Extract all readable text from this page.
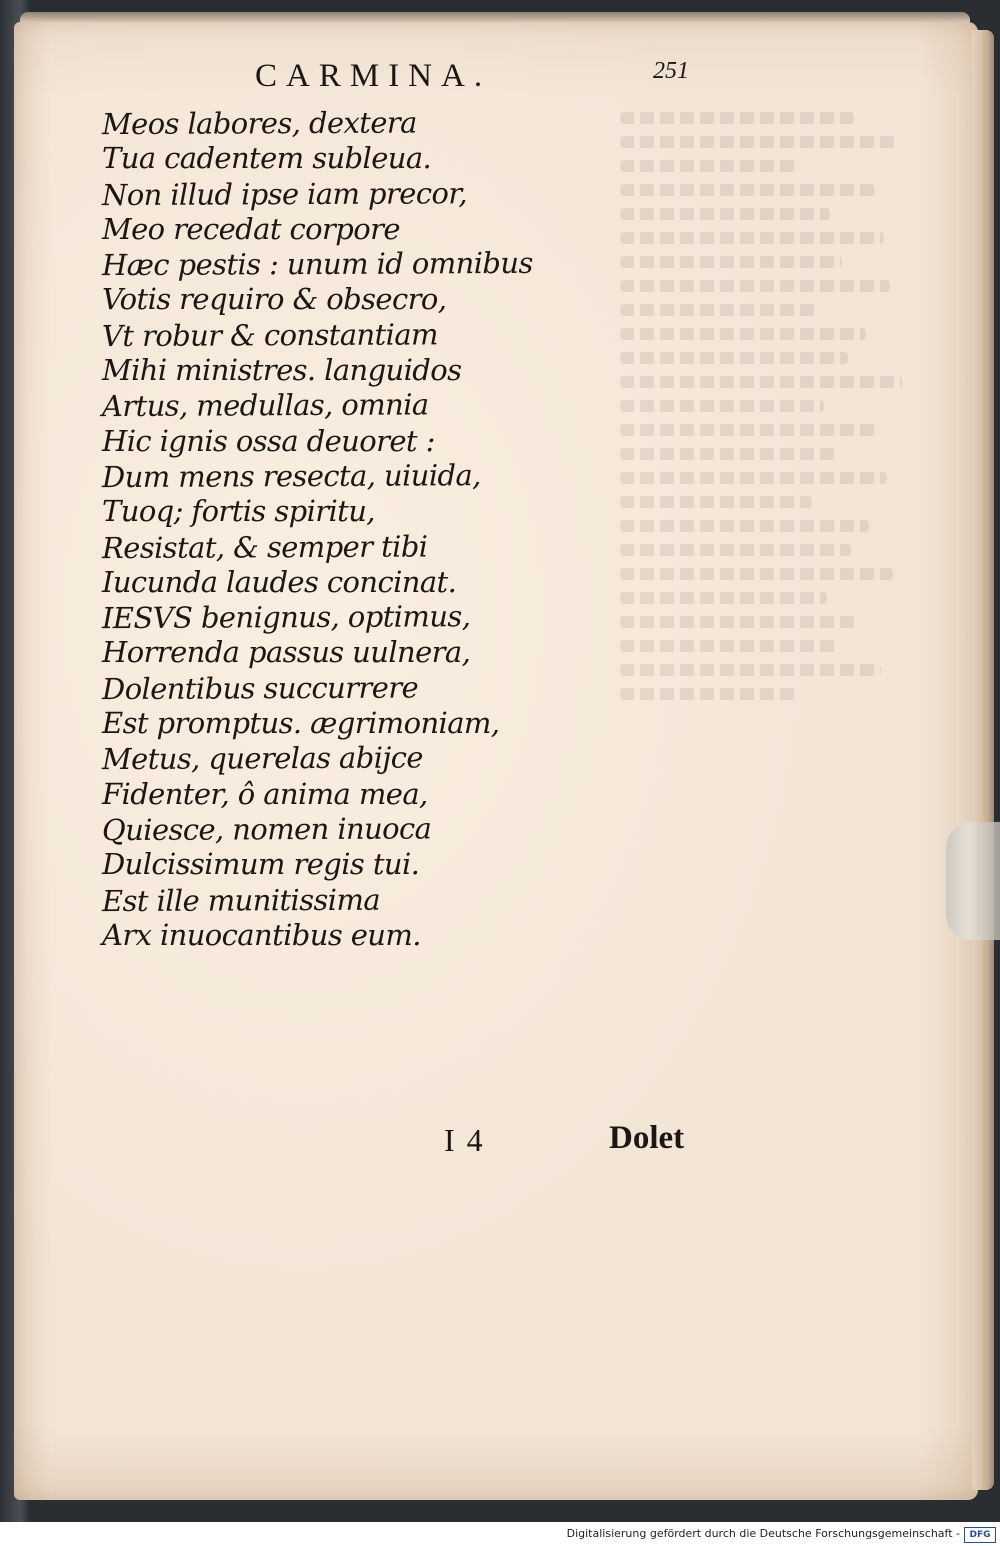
CARMINA.	251
Meos labores, dextera
Tua cadentem subleua.
Non illud ipse iam precor,
Meo recedat corpore
Hæc pestis : unum id omnibus
Votis requiro & obsecro,
Vt robur & constantiam
Mihi ministres. languidos
Artus, medullas, omnia
Hic ignis ossa deuoret :
Dum mens resecta, uiuida,
Tuoq; fortis spiritu,
Resistat, & semper tibi
Iucunda laudes concinat.
IESVS benignus, optimus,
Horrenda passus uulnera,
Dolentibus succurrere
Est promptus. ægrimoniam,
Metus, querelas abijce
Fidenter, ô anima mea,
Quiesce, nomen inuoca
Dulcissimum regis tui.
Est ille munitissima
Arx inuocantibus eum.
I 4	Dolet
Digitalisierung gefördert durch die Deutsche Forschungsgemeinschaft -	DFG
